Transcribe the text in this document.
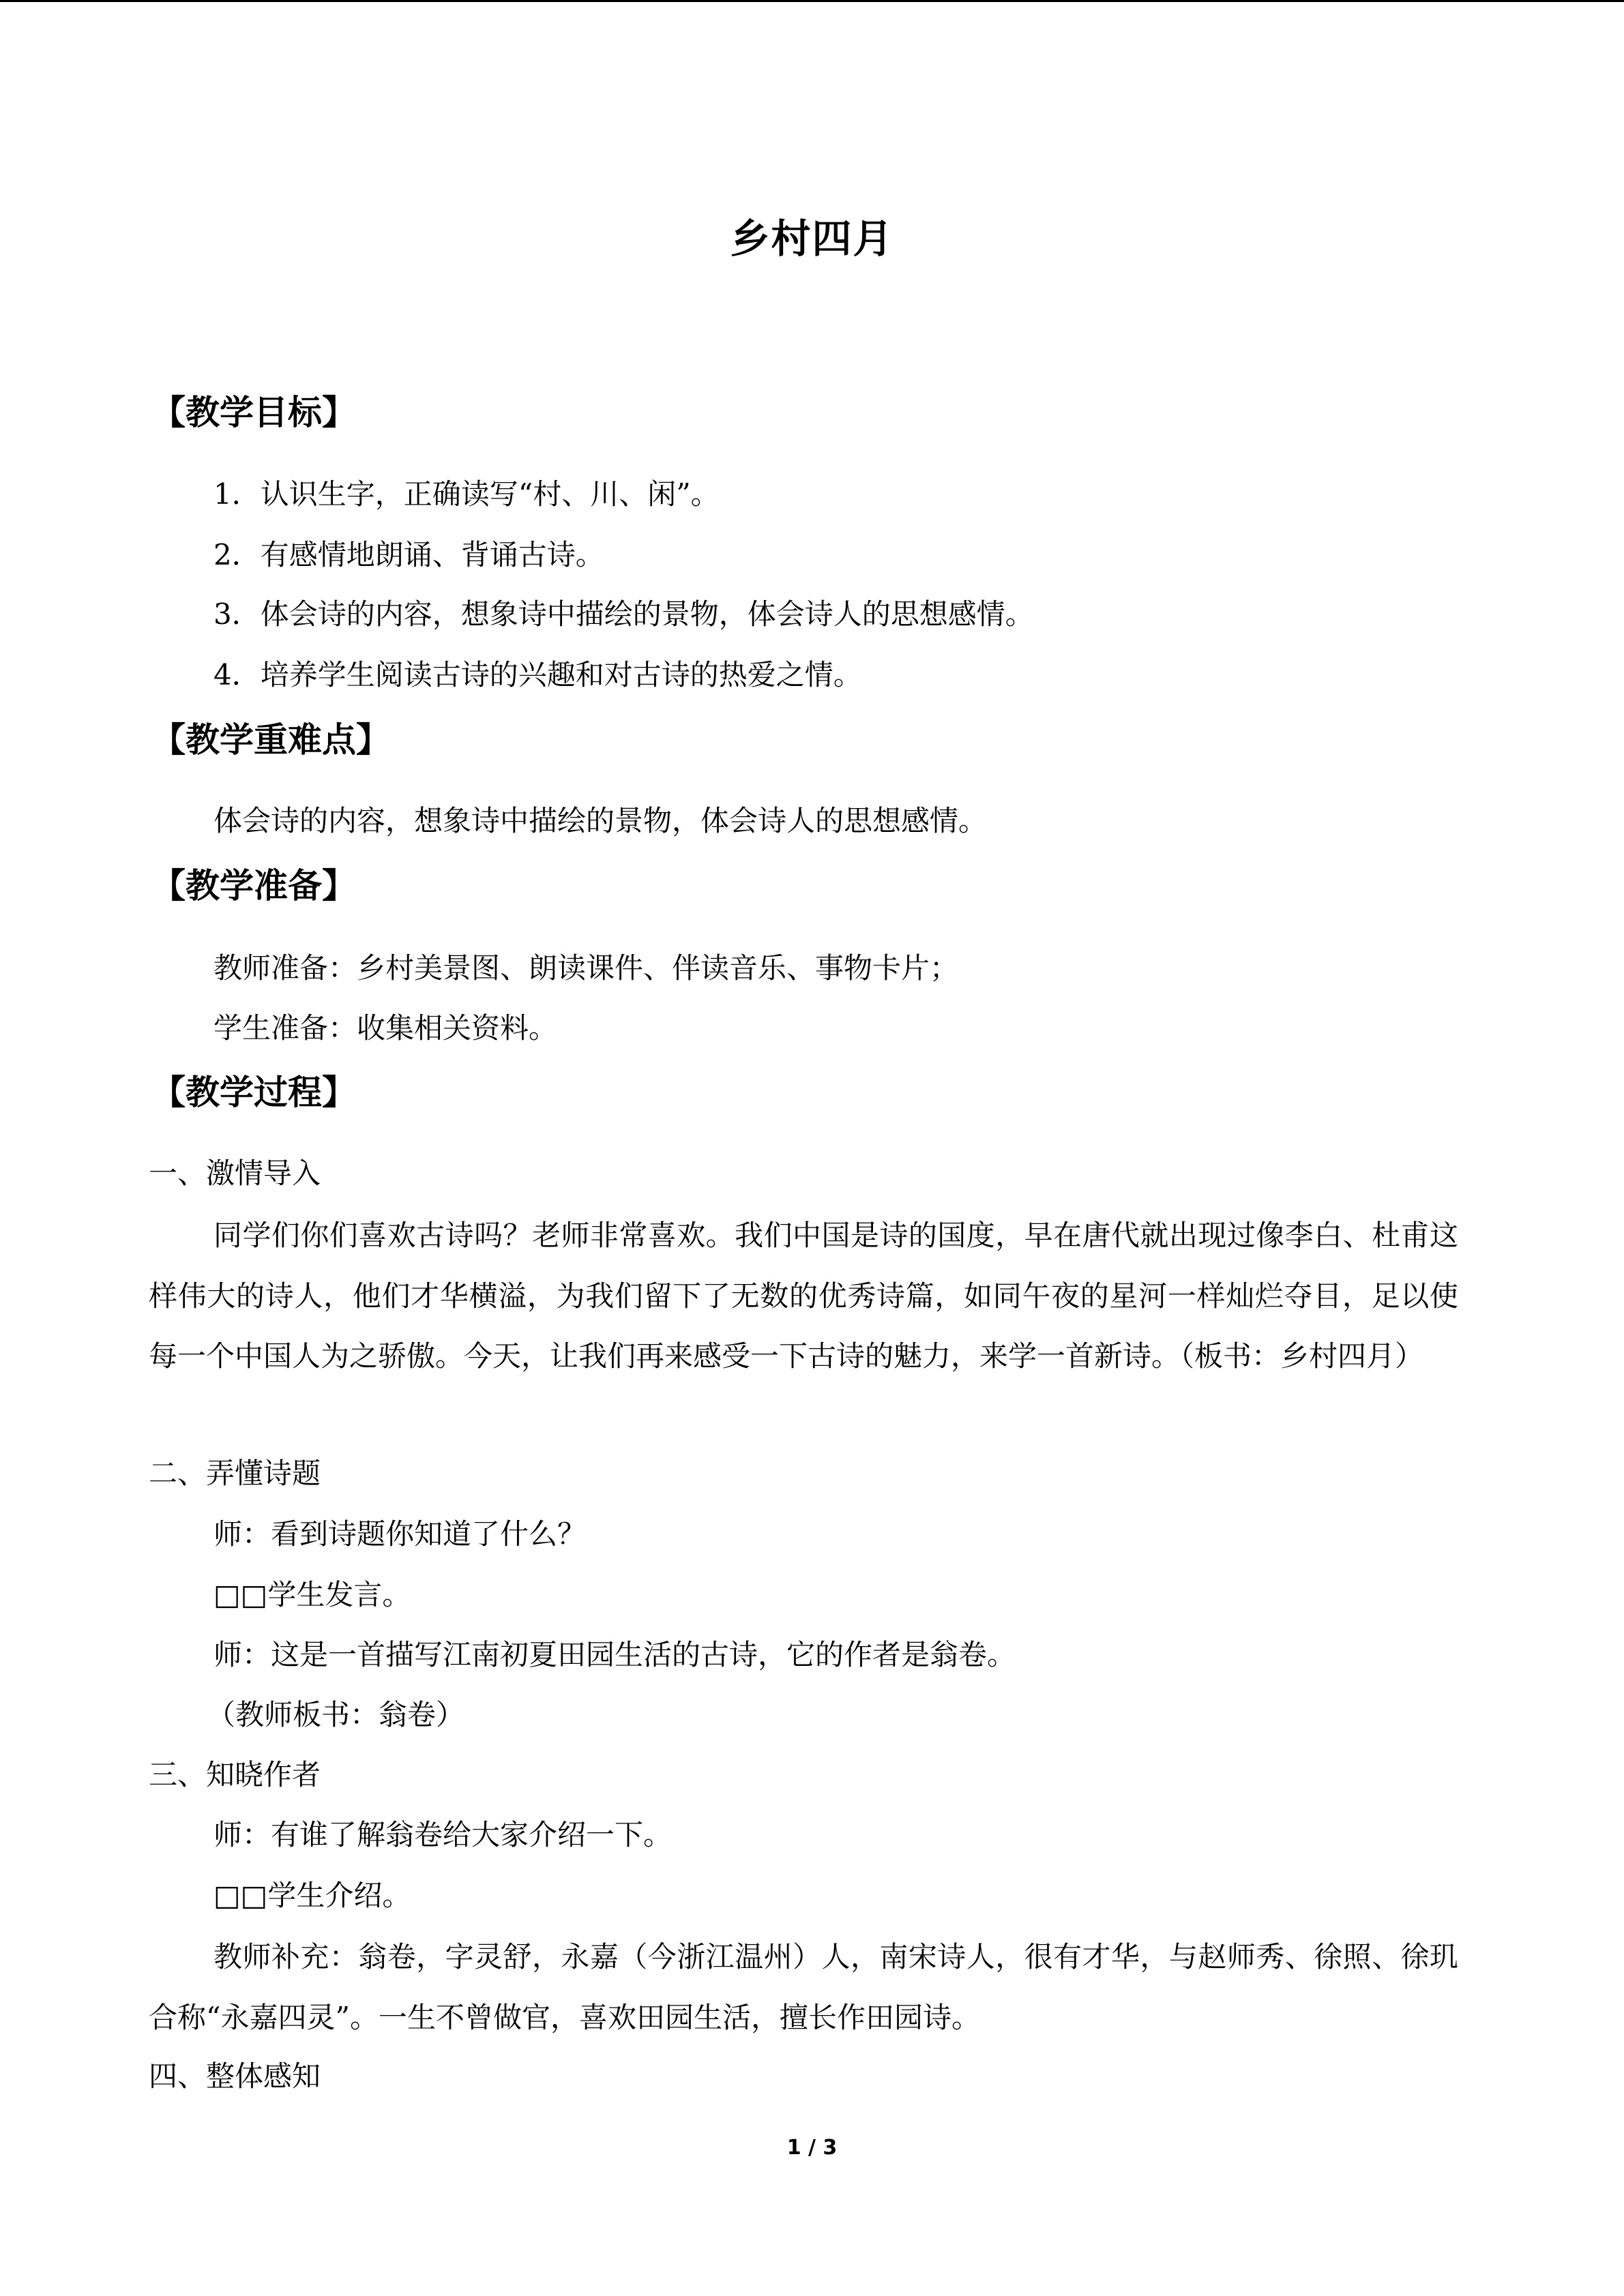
乡村四月
【教学目标】
1．认识生字，正确读写“村、川、闲”。
2．有感情地朗诵、背诵古诗。
3．体会诗的内容，想象诗中描绘的景物，体会诗人的思想感情。
4．培养学生阅读古诗的兴趣和对古诗的热爱之情。
【教学重难点】
体会诗的内容，想象诗中描绘的景物，体会诗人的思想感情。
【教学准备】
教师准备：乡村美景图、朗读课件、伴读音乐、事物卡片；
学生准备：收集相关资料。
【教学过程】
一、激情导入
同学们你们喜欢古诗吗？老师非常喜欢。我们中国是诗的国度，早在唐代就出现过像李白、杜甫这样伟大的诗人，他们才华横溢，为我们留下了无数的优秀诗篇，如同午夜的星河一样灿烂夺目，足以使每一个中国人为之骄傲。今天，让我们再来感受一下古诗的魅力，来学一首新诗。（板书：乡村四月）
二、弄懂诗题
师：看到诗题你知道了什么？
□□学生发言。
师：这是一首描写江南初夏田园生活的古诗，它的作者是翁卷。
（教师板书：翁卷）
三、知晓作者
师：有谁了解翁卷给大家介绍一下。
□□学生介绍。
教师补充：翁卷，字灵舒，永嘉（今浙江温州）人，南宋诗人，很有才华，与赵师秀、徐照、徐玑合称“永嘉四灵”。一生不曾做官，喜欢田园生活，擅长作田园诗。
四、整体感知
1 / 3
